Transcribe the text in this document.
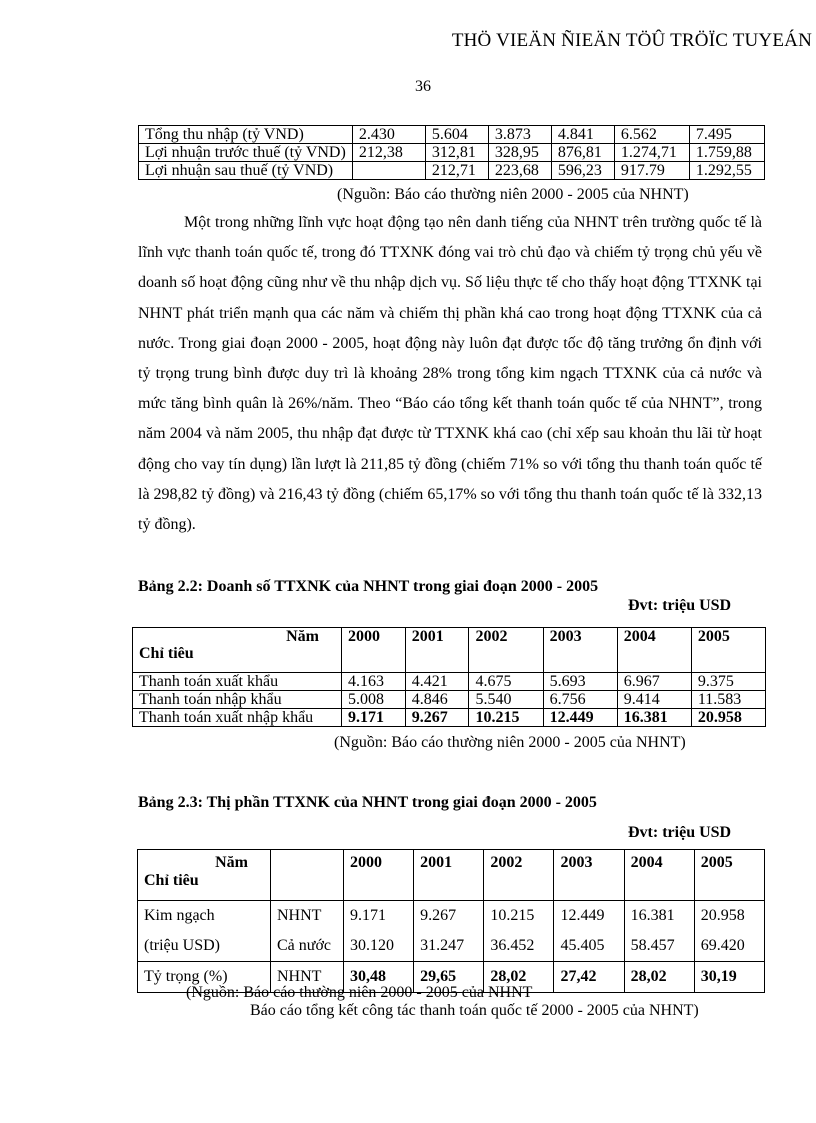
THÖ VIEÄN ÑIEÄN TÖÛ TRÖÏC TUYEÁN
36
Tổng thu nhập (tỷ VND)	2.430	5.604	3.873	4.841	6.562	7.495
Lợi nhuận trước thuế (tỷ VND)	212,38	312,81	328,95	876,81	1.274,71	1.759,88
Lợi nhuận sau thuế (tỷ VND)		212,71	223,68	596,23	917.79	1.292,55
(Nguồn: Báo cáo thường niên 2000 - 2005 của NHNT)

Một trong những lĩnh vực hoạt động tạo nên danh tiếng của NHNT trên trường quốc tế là lĩnh vực thanh toán quốc tế, trong đó TTXNK đóng vai trò chủ đạo và chiếm tỷ trọng chủ yếu về doanh số hoạt động cũng như về thu nhập dịch vụ. Số liệu thực tế cho thấy hoạt động TTXNK tại NHNT phát triển mạnh qua các năm và chiếm thị phần khá cao trong hoạt động TTXNK của cả nước. Trong giai đoạn 2000 - 2005, hoạt động này luôn đạt được tốc độ tăng trưởng ổn định với tỷ trọng trung bình được duy trì là khoảng 28% trong tổng kim ngạch TTXNK của cả nước và mức tăng bình quân là 26%/năm. Theo “Báo cáo tổng kết thanh toán quốc tế của NHNT”, trong năm 2004 và năm 2005, thu nhập đạt được từ TTXNK khá cao (chỉ xếp sau khoản thu lãi từ hoạt động cho vay tín dụng) lần lượt là 211,85 tỷ đồng (chiếm 71% so với tổng thu thanh toán quốc tế là 298,82 tỷ đồng) và 216,43 tỷ đồng (chiếm 65,17% so với tổng thu thanh toán quốc tế là 332,13 tỷ đồng).

Bảng 2.2: Doanh số TTXNK của NHNT trong giai đoạn 2000 - 2005
Đvt: triệu USD
Năm
Chỉ tiêu	2000	2001	2002	2003	2004	2005
Thanh toán xuất khẩu	4.163	4.421	4.675	5.693	6.967	9.375
Thanh toán nhập khẩu	5.008	4.846	5.540	6.756	9.414	11.583
Thanh toán xuất nhập khẩu	9.171	9.267	10.215	12.449	16.381	20.958
(Nguồn: Báo cáo thường niên 2000 - 2005 của NHNT)
Bảng 2.3: Thị phần TTXNK của NHNT trong giai đoạn 2000 - 2005
Đvt: triệu USD
Năm
Chỉ tiêu		2000	2001	2002	2003	2004	2005
Kim ngạch	NHNT	9.171	9.267	10.215	12.449	16.381	20.958
(triệu USD)	Cả nước	30.120	31.247	36.452	45.405	58.457	69.420
Tỷ trọng (%)	NHNT	30,48	29,65	28,02	27,42	28,02	30,19
(Nguồn: Báo cáo thường niên 2000 - 2005 của NHNT
Báo cáo tổng kết công tác thanh toán quốc tế 2000 - 2005 của NHNT)
